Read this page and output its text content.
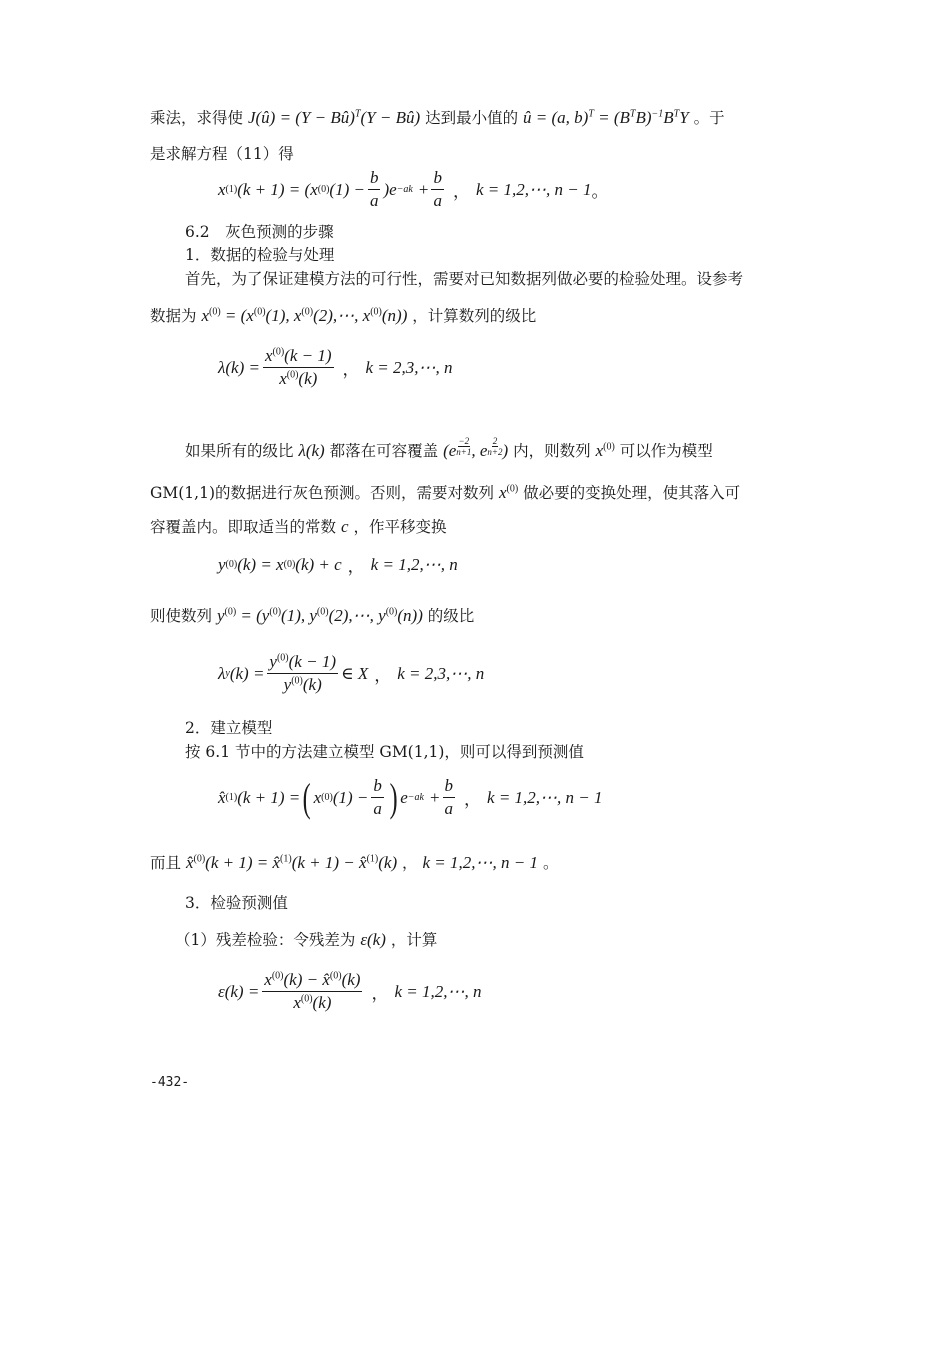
乘法，求得使 J(û) = (Y − Bû)$^T$(Y − Bû) 达到最小值的 û = (a, $b)^T = (B^TB)^{-1}B^TY$ 。于
是求解方程（11）得
x (1) (k + 1) = (x (0) $(1) - \frac{b}{a} )e -ak + \frac{b}{a}$ ， k = 1,2,⋯, n − 1 。
6.2　灰色预测的步骤
1．数据的检验与处理
首先，为了保证建模方法的可行性，需要对已知数据列做必要的检验处理。设参考
数据为 $x^{(0)} = (x^{(0)}(1)$, $x^{(0)}(2),\cdots$, $x^{(0)}(n)$) ，计算数列的级比
$\lambda(k) = \frac{x^{(0)}(k - 1)}{x^{(0)}(k)}$ ， k = 2,3,⋯, n
如果所有的级比 λ(k) 都落在可容覆盖 ($e \frac{-2}{n+1}$ , e $\frac{2}{n+2}$ ) 内，则数列 $x^{(0)}$ 可以作为模型
GM(1,1)的数据进行灰色预测。否则，需要对数列 $x^{(0)}$ 做必要的变换处理，使其落入可
容覆盖内。即取适当的常数 c ，作平移变换
y (0) (k) = x (0) (k) + c ， k = 1,2,⋯, n
则使数列 $y^{(0)} = (y^{(0)}(1)$, $y^{(0)}(2),\cdots$, $y^{(0)}(n)$) 的级比
λ y $(k) = \frac{y^{(0)}(k - 1)}{y^{(0)}(k)}$ ∈ X ， k = 2,3,⋯, n
2．建立模型
按 6.1 节中的方法建立模型 GM(1,1)，则可以得到预测值
x̂ (1) (k + 1) = ( x (0) $(1) - \frac{b}{a}$ ) $e -ak + \frac{b}{a}$ ， k = 1,2,⋯, n − 1
而且 x̂$^{(0)}$(k + 1) = x̂$^{(1)}$(k + 1) − x̂$^{(1)}$(k) ， k = 1,2,⋯, n − 1 。
3．检验预测值
（1）残差检验：令残差为 ε(k) ，计算
$\varepsilon(k) = \frac{x^{(0)}(k) - x̂^{(0)}(k)}{x^{(0)}(k)}$ ， k = 1,2,⋯, n
-432-
